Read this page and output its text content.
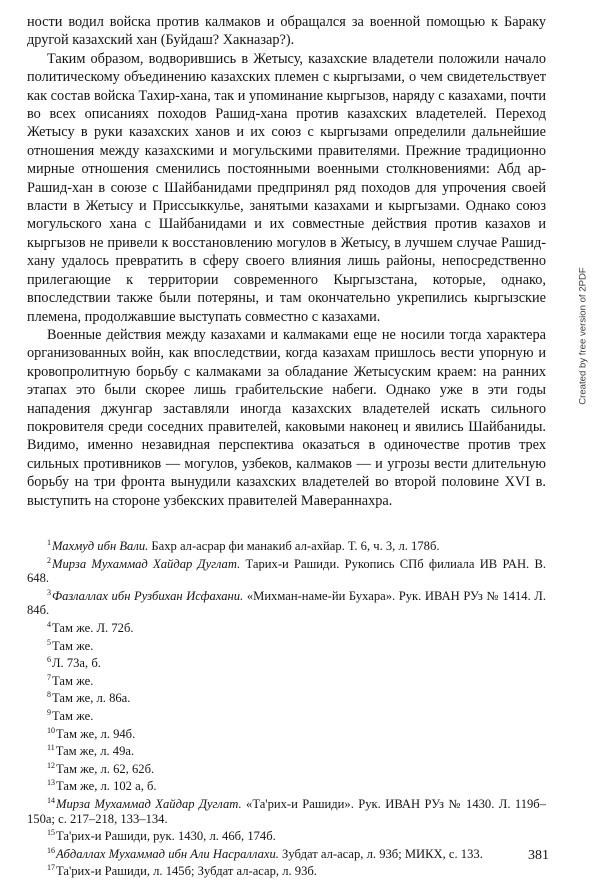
ности водил войска против калмаков и обращался за военной помощью к Бараку другой казахский хан (Буйдаш? Хакназар?).

Таким образом, водворившись в Жетысу, казахские владетели положили начало политическому объединению казахских племен с кыргызами, о чем свидетельствует как состав войска Тахир-хана, так и упоминание кыргызов, наряду с казахами, почти во всех описаниях походов Рашид-хана против казахских владетелей. Переход Жетысу в руки казахских ханов и их союз с кыргызами определили дальнейшие отношения между казахскими и могульскими правителями. Прежние традиционно мирные отношения сменились постоянными военными столкновениями: Абд ар-Рашид-хан в союзе с Шайбанидами предпринял ряд походов для упрочения своей власти в Жетысу и Приссыккулье, занятыми казахами и кыргызами. Однако союз могульского хана с Шайбанидами и их совместные действия против казахов и кыргызов не привели к восстановлению могулов в Жетысу, в лучшем случае Рашид-хану удалось превратить в сферу своего влияния лишь районы, непосредственно прилегающие к территории современного Кыргызстана, которые, однако, впоследствии также были потеряны, и там окончательно укрепились кыргызские племена, продолжавшие выступать совместно с казахами.

Военные действия между казахами и калмаками еще не носили тогда характера организованных войн, как впоследствии, когда казахам пришлось вести упорную и кровопролитную борьбу с калмаками за обладание Жетысуским краем: на ранних этапах это были скорее лишь грабительские набеги. Однако уже в эти годы нападения джунгар заставляли иногда казахских владетелей искать сильного покровителя среди соседних правителей, каковыми наконец и явились Шайбаниды. Видимо, именно незавидная перспектива оказаться в одиночестве против трех сильных противников — могулов, узбеков, калмаков — и угрозы вести длительную борьбу на три фронта вынудили казахских владетелей во второй половине XVI в. выступить на стороне узбекских правителей Мавераннахра.

$^1$Махмуд ибн Вали. Бахр ал-асрар фи манакиб ал-ахйар. Т. 6, ч. 3, л. 178б.
$^2$Мирза Мухаммад Хайдар Дуглат. Тарих-и Рашиди. Рукопись СПб филиала ИВ РАН. В. 648.
$^3$Фазлаллах ибн Рузбихан Исфахани. «Михман-наме-йи Бухара». Рук. ИВАН РУз № 1414. Л. 84б.
$^4$Там же. Л. 72б.
$^5$Там же.
$^6$Л. 73а, б.
$^7$Там же.
$^8$Там же, л. 86а.
$^9$Там же.
$^{10}$Там же, л. 94б.
$^{11}$Там же, л. 49а.
$^{12}$Там же, л. 62, 62б.
$^{13}$Там же, л. 102 а, б.
$^{14}$Мирза Мухаммад Хайдар Дуглат. «Та'рих-и Рашиди». Рук. ИВАН РУз № 1430. Л. 119б–150а; с. 217–218, 133–134.
$^{15}$Та'рих-и Рашиди, рук. 1430, л. 46б, 174б.
$^{16}$Абдаллах Мухаммад ибн Али Насраллахи. Зубдат ал-асар, л. 93б; МИКХ, с. 133.
$^{17}$Та'рих-и Рашиди, л. 145б; Зубдат ал-асар, л. 93б.
381
Created by free version of 2PDF
